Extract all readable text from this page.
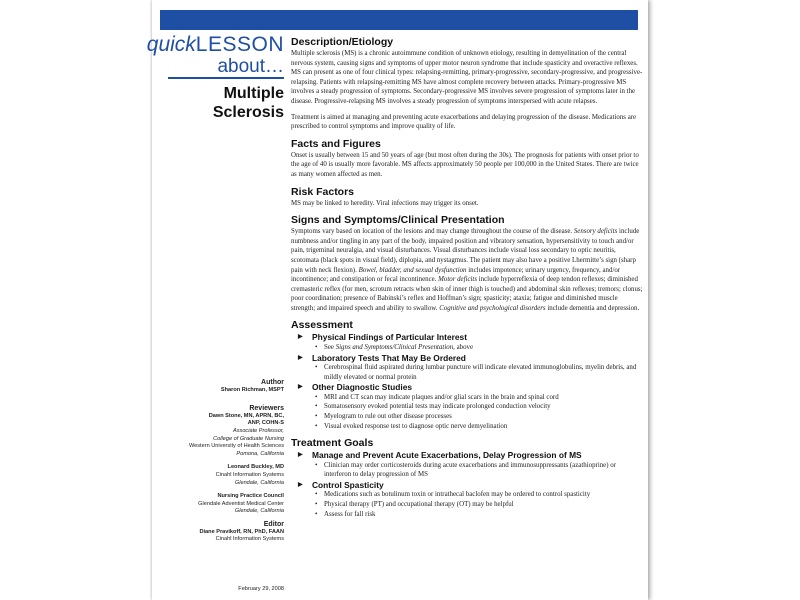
quickLESSON
about…
Multiple
Sclerosis
Author
Sharon Richman, MSPT
Reviewers
Dawn Stone, MN, APRN, BC,
ANP, COHN-S
Associate Professor,
College of Graduate Nursing
Western University of Health Sciences
Pomona, California
Leonard Buckley, MD
Cinahl Information Systems
Glendale, California
Nursing Practice Council
Glendale Adventist Medical Center
Glendale, California
Editor
Diane Pravikoff, RN, PhD, FAAN
Cinahl Information Systems
February 29, 2008
Description/Etiology

Multiple sclerosis (MS) is a chronic autoimmune condition of unknown etiology, resulting in demyelination of the central nervous system, causing signs and symptoms of upper motor neuron syndrome that include spasticity and overactive reflexes. MS can present as one of four clinical types: relapsing-remitting, primary-progressive, secondary-progressive, and progressive-relapsing. Patients with relapsing-remitting MS have almost complete recovery between attacks. Primary-progressive MS involves a steady progression of symptoms. Secondary-progressive MS involves severe progression of symptoms later in the disease. Progressive-relapsing MS involves a steady progression of symptoms interspersed with acute relapses.

Treatment is aimed at managing and preventing acute exacerbations and delaying progression of the disease. Medications are prescribed to control symptoms and improve quality of life.

Facts and Figures

Onset is usually between 15 and 50 years of age (but most often during the 30s). The prognosis for patients with onset prior to the age of 40 is usually more favorable. MS affects approximately 50 people per 100,000 in the United States. There are twice as many women affected as men.

Risk Factors

MS may be linked to heredity. Viral infections may trigger its onset.

Signs and Symptoms/Clinical Presentation

Symptoms vary based on location of the lesions and may change throughout the course of the disease. Sensory deficits include numbness and/or tingling in any part of the body, impaired position and vibratory sensation, hypersensitivity to touch and/or pain, trigeminal neuralgia, and visual disturbances. Visual disturbances include visual loss secondary to optic neuritis, scotomata (black spots in visual field), diplopia, and nystagmus. The patient may also have a positive Lhermitte’s sign (sharp pain with neck flexion). Bowel, bladder, and sexual dysfunction includes impotence; urinary urgency, frequency, and/or incontinence; and constipation or fecal incontinence. Motor deficits include hyperreflexia of deep tendon reflexes; diminished cremasteric reflex (for men, scrotum retracts when skin of inner thigh is touched) and abdominal skin reflexes; tremors; clonus; poor coordination; presence of Babinski’s reflex and Hoffman’s sign; spasticity; ataxia; fatigue and diminished muscle strength; and impaired speech and ability to swallow. Cognitive and psychological disorders include dementia and depression.

Assessment
▶ Physical Findings of Particular Interest
• See Signs and Symptoms/Clinical Presentation, above
▶ Laboratory Tests That May Be Ordered
• Cerebrospinal fluid aspirated during lumbar puncture will indicate elevated immunoglobulins, myelin debris, and mildly elevated or normal protein
▶ Other Diagnostic Studies
• MRI and CT scan may indicate plaques and/or glial scars in the brain and spinal cord
• Somatosensory evoked potential tests may indicate prolonged conduction velocity
• Myelogram to rule out other disease processes
• Visual evoked response test to diagnose optic nerve demyelination
Treatment Goals
▶ Manage and Prevent Acute Exacerbations, Delay Progression of MS
• Clinician may order corticosteroids during acute exacerbations and immunosuppressants (azathioprine) or interferon to delay progression of MS
▶ Control Spasticity
• Medications such as botulinum toxin or intrathecal baclofen may be ordered to control spasticity
• Physical therapy (PT) and occupational therapy (OT) may be helpful
• Assess for fall risk
